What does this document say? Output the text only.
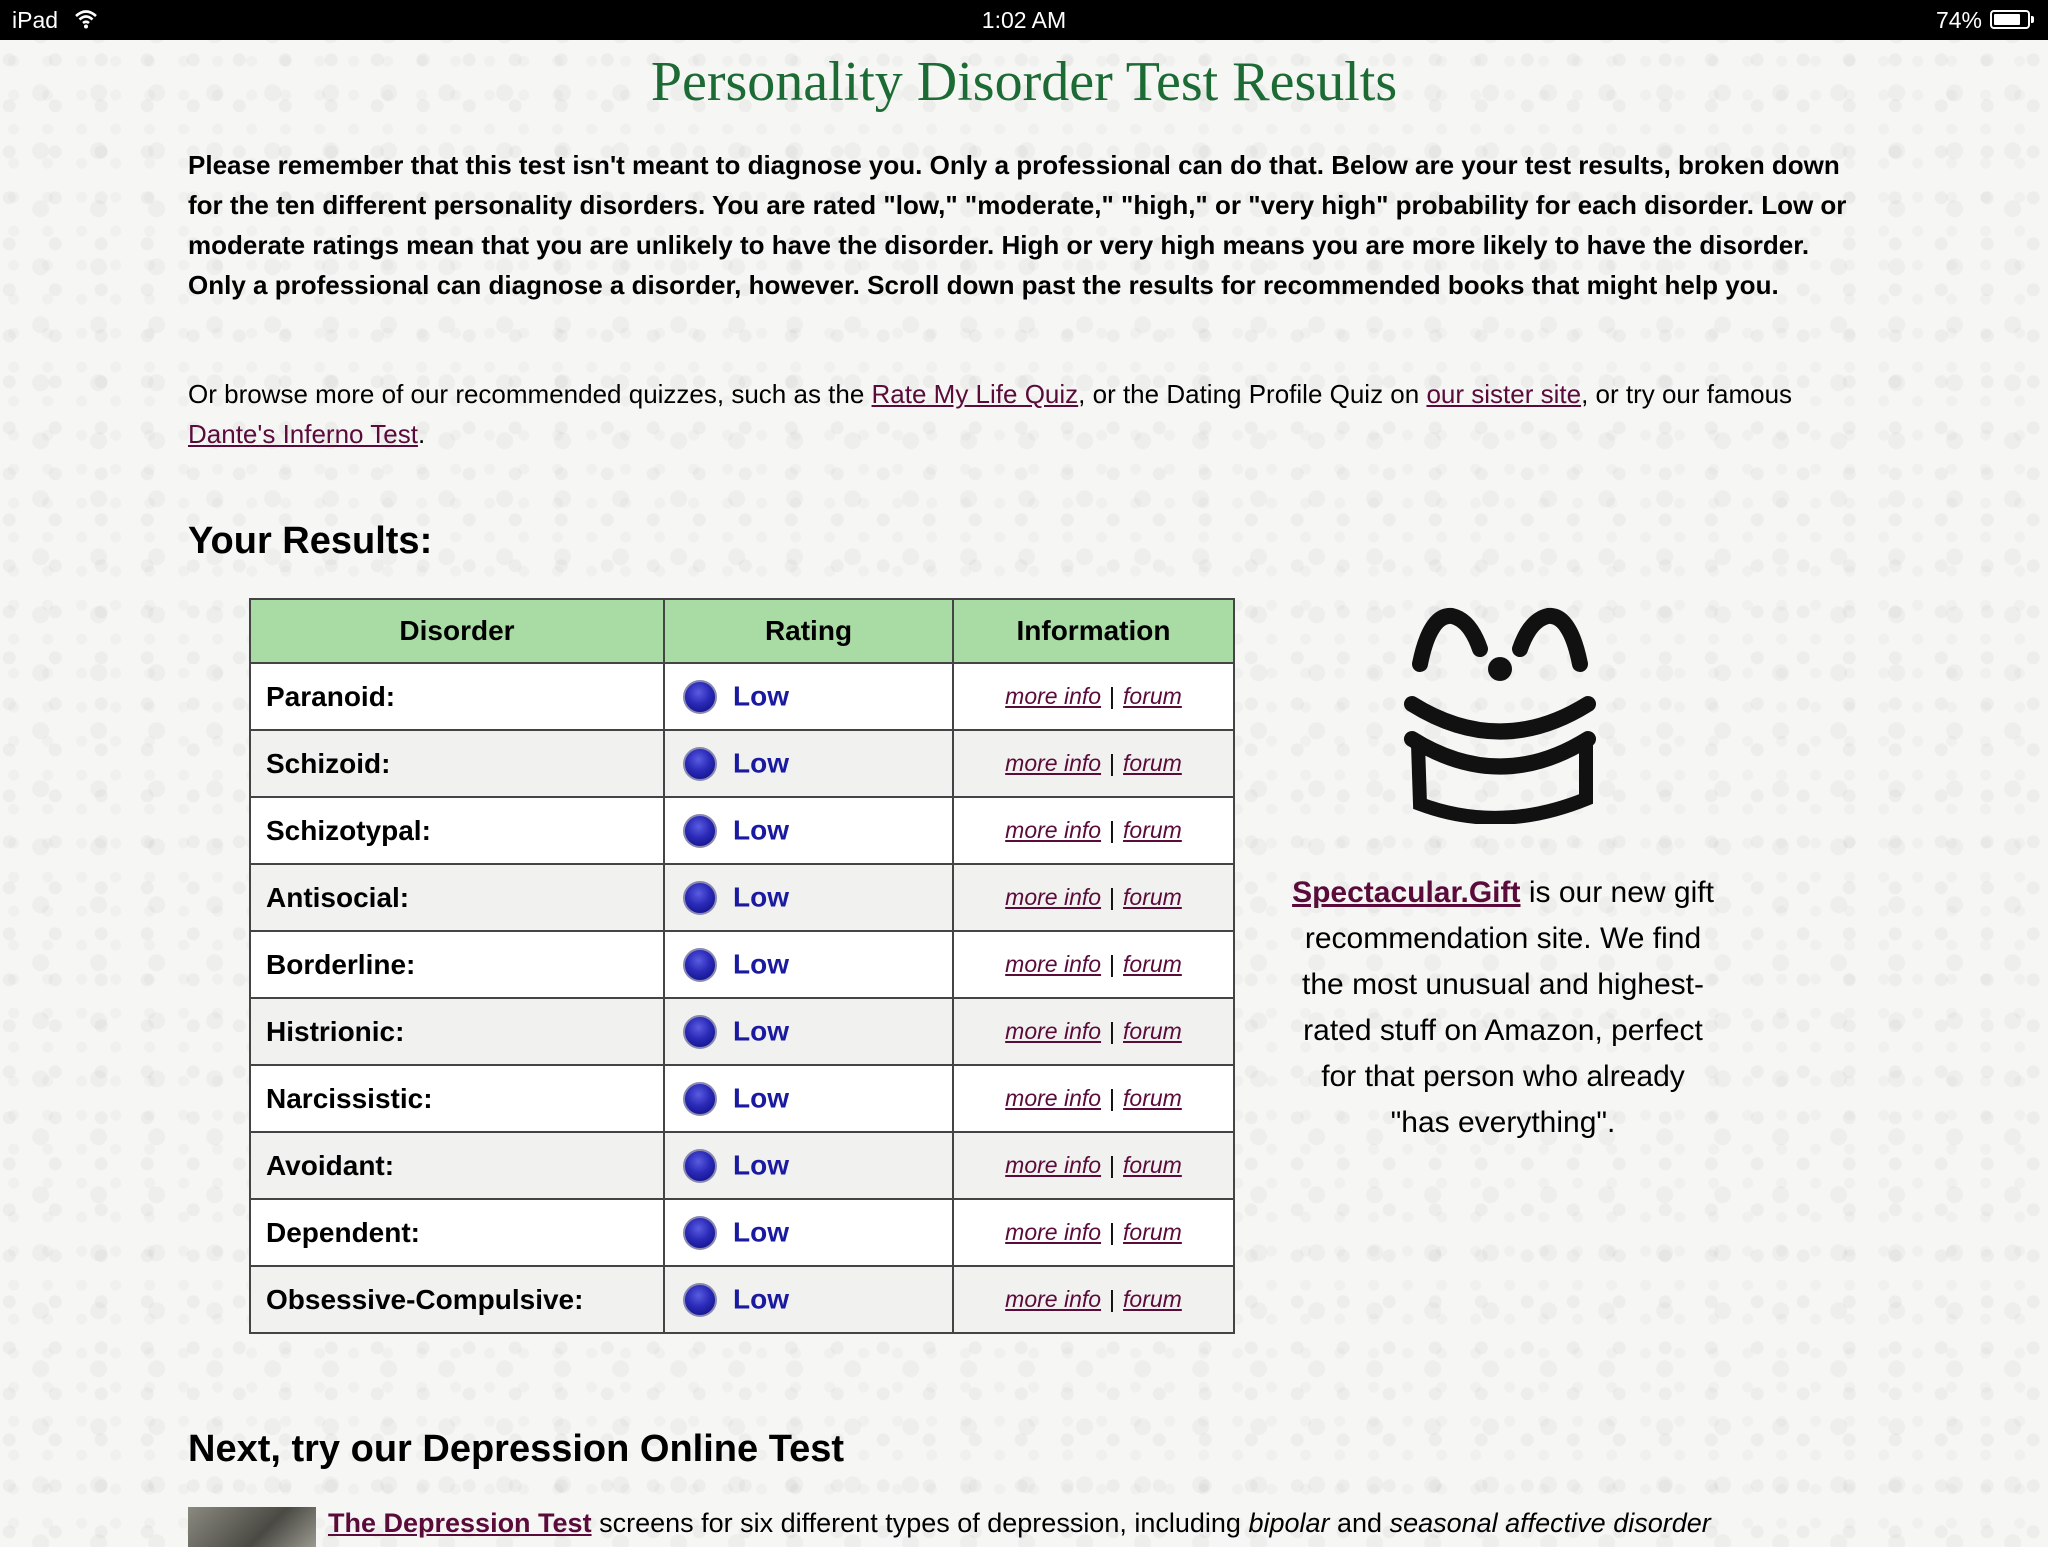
iPad	1:02 AM	74%
Personality Disorder Test Results

Please remember that this test isn't meant to diagnose you. Only a professional can do that. Below are your test results, broken down for the ten different personality disorders. You are rated "low," "moderate," "high," or "very high" probability for each disorder. Low or moderate ratings mean that you are unlikely to have the disorder. High or very high means you are more likely to have the disorder. Only a professional can diagnose a disorder, however. Scroll down past the results for recommended books that might help you.

Or browse more of our recommended quizzes, such as the Rate My Life Quiz, or the Dating Profile Quiz on our sister site, or try our famous Dante's Inferno Test.

Your Results:
Disorder	Rating	Information
Paranoid:	Low	more info | forum
Schizoid:	Low	more info | forum
Schizotypal:	Low	more info | forum
Antisocial:	Low	more info | forum
Borderline:	Low	more info | forum
Histrionic:	Low	more info | forum
Narcissistic:	Low	more info | forum
Avoidant:	Low	more info | forum
Dependent:	Low	more info | forum
Obsessive-Compulsive:	Low	more info | forum

Spectacular.Gift is our new gift recommendation site. We find the most unusual and highest-rated stuff on Amazon, perfect for that person who already "has everything".

Next, try our Depression Online Test

The Depression Test screens for six different types of depression, including bipolar and seasonal affective disorder
